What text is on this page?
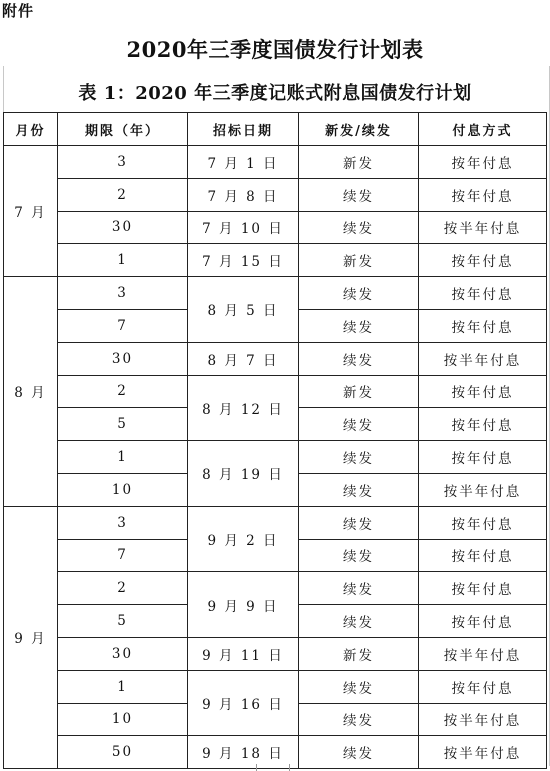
附件
2020年三季度国债发行计划表
表 1：2020 年三季度记账式附息国债发行计划
月份	期限（年）	招标日期	新发/续发	付息方式
7 月	3	7 月 1 日	新发	按年付息
	2	7 月 8 日	续发	按年付息
	30	7 月 10 日	续发	按半年付息
	1	7 月 15 日	新发	按年付息
8 月	3	8 月 5 日	续发	按年付息
	7		续发	按年付息
	30	8 月 7 日	续发	按半年付息
	2	8 月 12 日	新发	按年付息
	5		续发	按年付息
	1	8 月 19 日	续发	按年付息
	10		续发	按半年付息
9 月	3	9 月 2 日	续发	按年付息
	7		续发	按年付息
	2	9 月 9 日	续发	按年付息
	5		续发	按年付息
	30	9 月 11 日	新发	按半年付息
	1	9 月 16 日	续发	按年付息
	10		续发	按半年付息
	50	9 月 18 日	续发	按半年付息
